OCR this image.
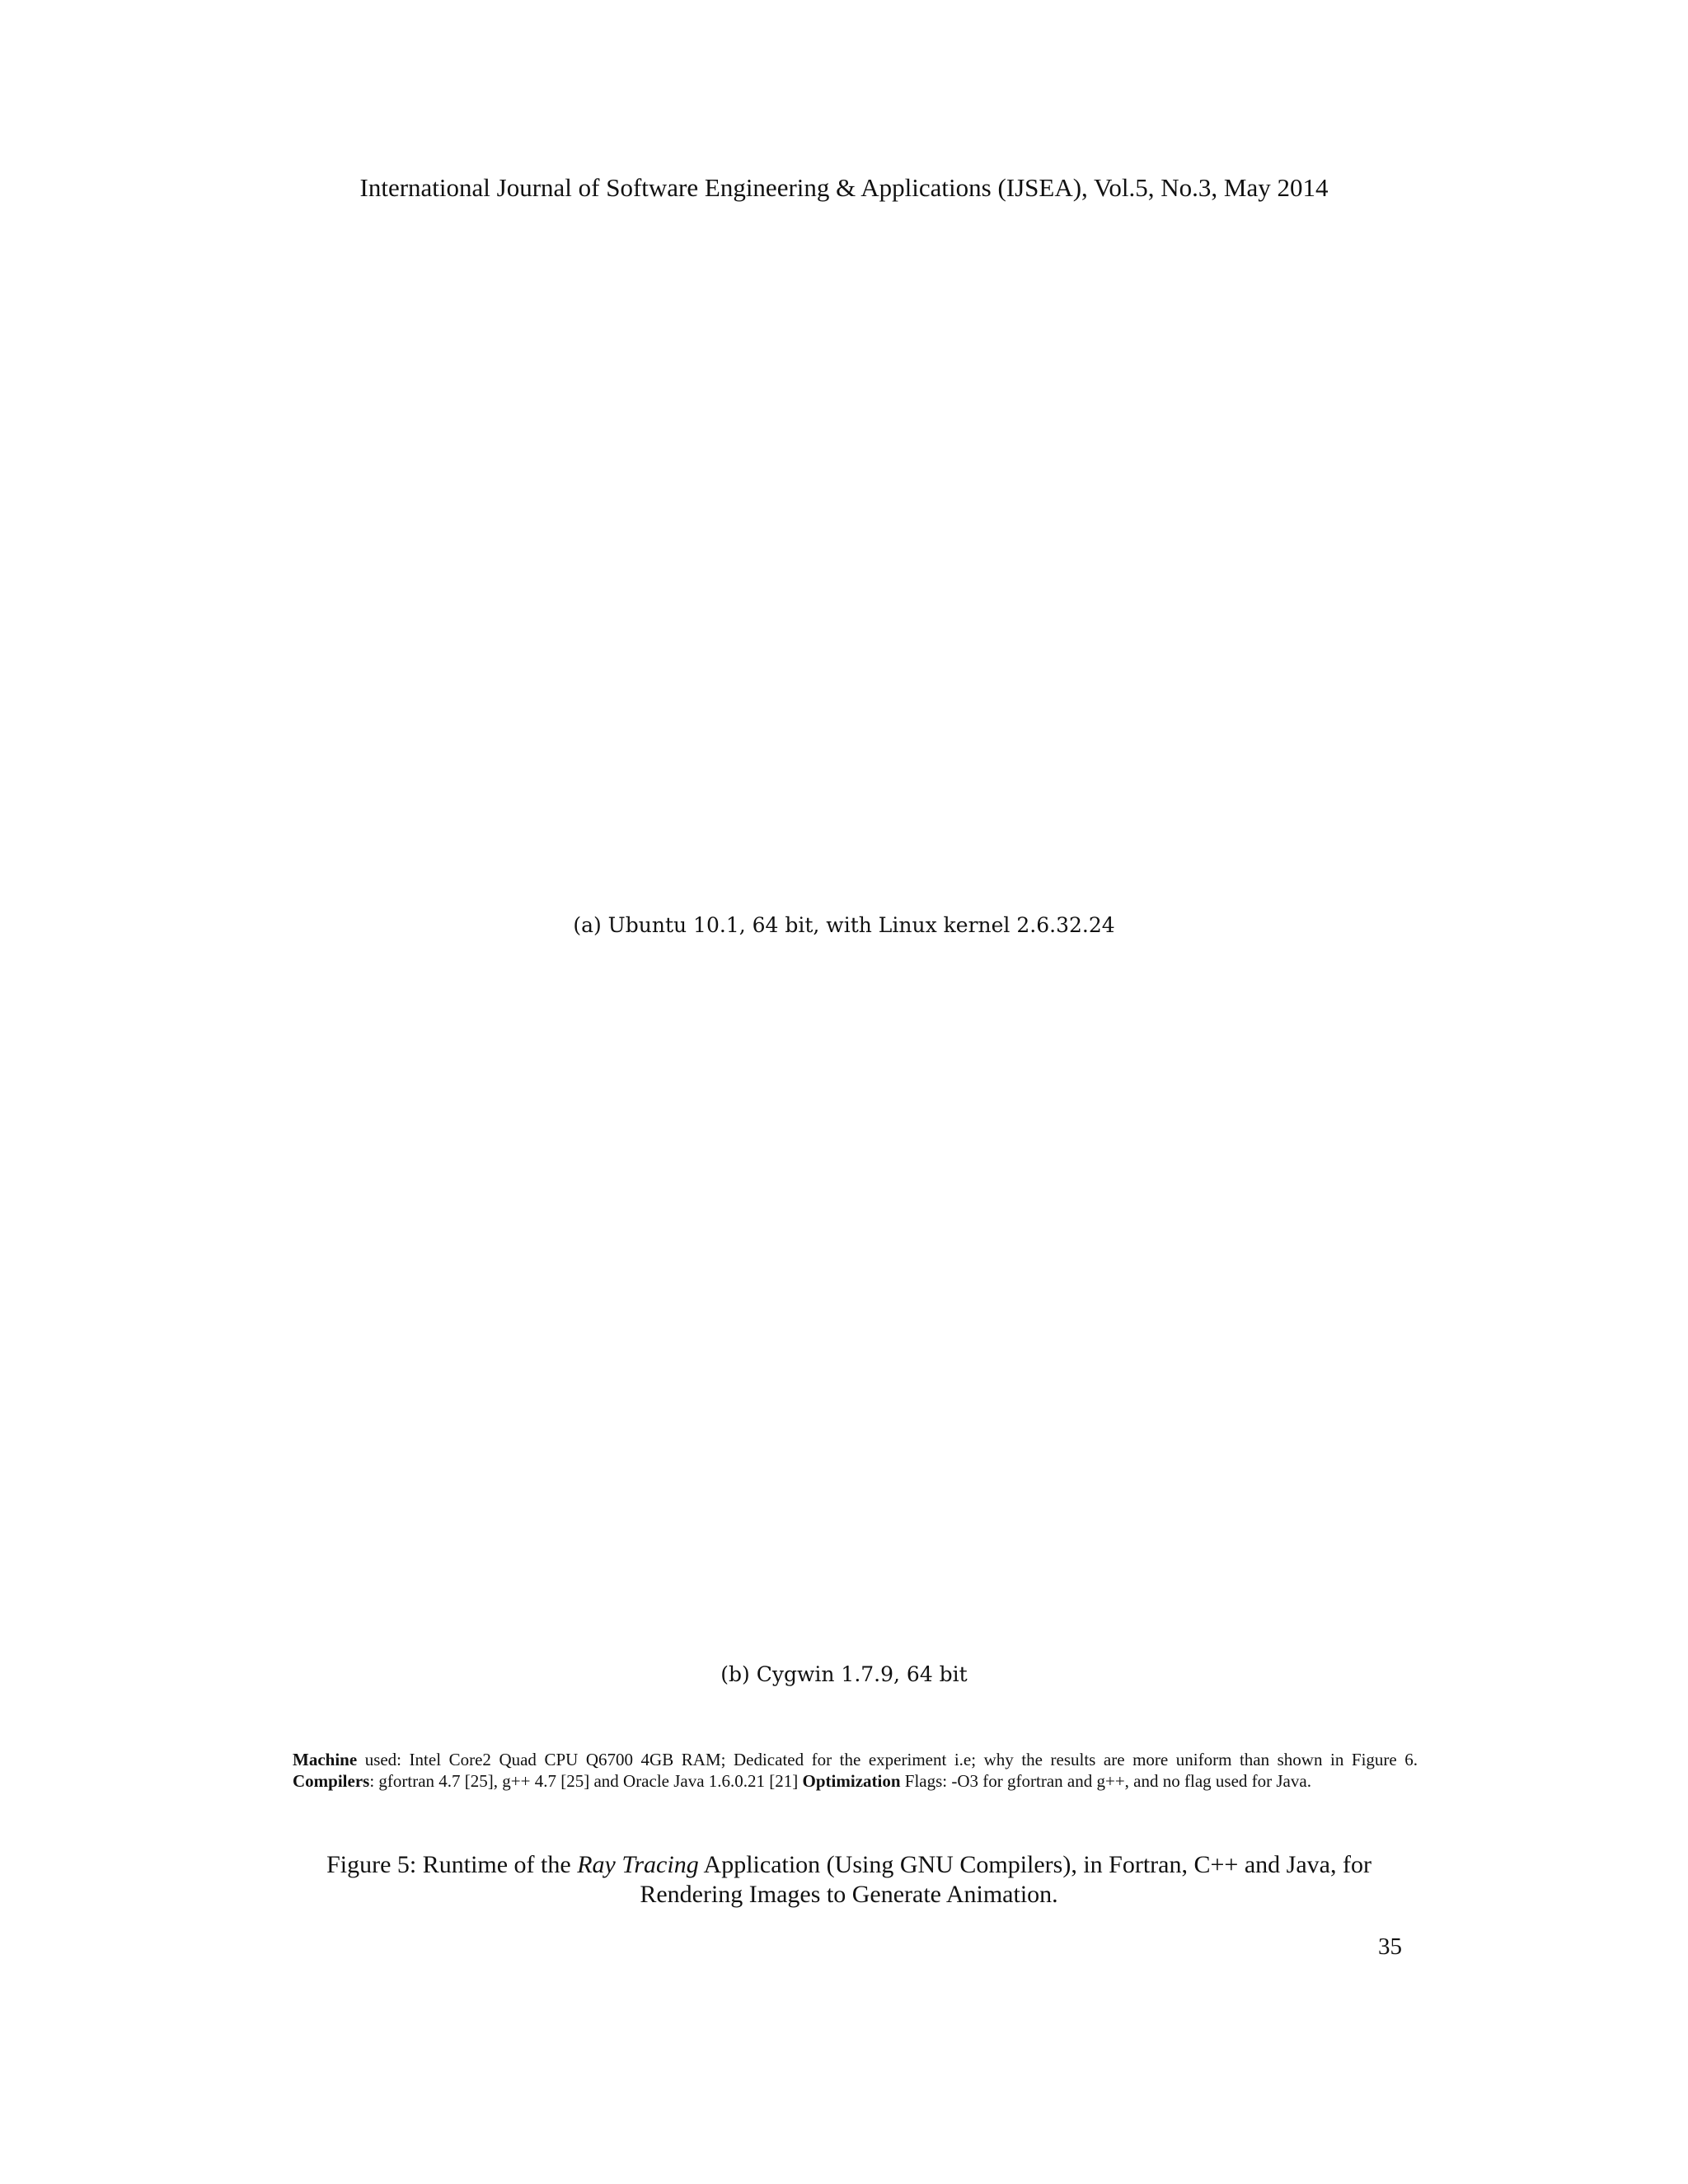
International Journal of Software Engineering & Applications (IJSEA), Vol.5, No.3, May 2014
(a) Ubuntu 10.1, 64 bit, with Linux kernel 2.6.32.24
(b) Cygwin 1.7.9, 64 bit
Machine used: Intel Core2 Quad CPU Q6700 4GB RAM; Dedicated for the experiment i.e; why the results are more uniform than shown in Figure 6. Compilers: gfortran 4.7 [25], g++ 4.7 [25] and Oracle Java 1.6.0.21 [21] Optimization Flags: -O3 for gfortran and g++, and no flag used for Java.
Figure 5: Runtime of the Ray Tracing Application (Using GNU Compilers), in Fortran, C++ and Java, for Rendering Images to Generate Animation.
35
